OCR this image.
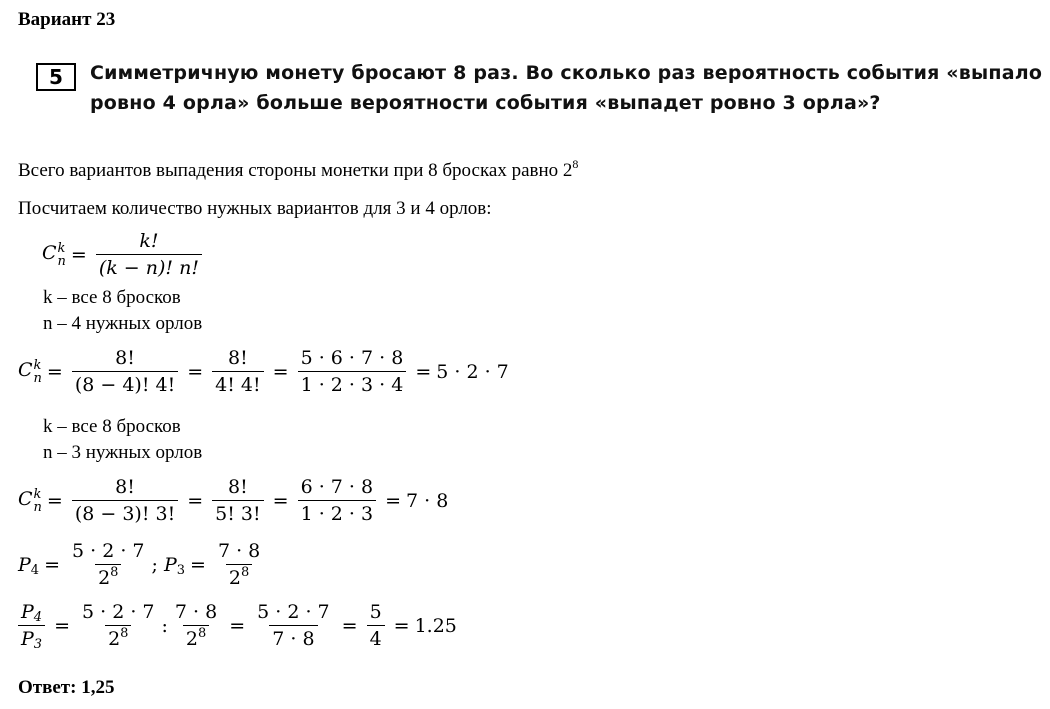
Вариант 23
5	Симметричную монету бросают 8 раз. Во сколько раз вероятность события «выпало
ровно 4 орла» больше вероятности события «выпадет ровно 3 орла»?
Всего вариантов выпадения стороны монетки при 8 бросках равно $2^8$
Посчитаем количество нужных вариантов для 3 и 4 орлов:
C k
$n = \frac{k!}{(k - n)! n!}$
k – все 8 бросков
n – 4 нужных орлов
C k
$n = \frac{8!}{(8 - 4)! 4!} = \frac{8!}{4! 4!} = \frac{5 \cdot 6 \cdot 7 \cdot 8}{1 \cdot 2 \cdot 3 \cdot 4} = 5 \cdot 2 \cdot 7$
k – все 8 бросков
n – 3 нужных орлов
C k
$n = \frac{8!}{(8 - 3)! 3!} = \frac{8!}{5! 3!} = \frac{6 \cdot 7 \cdot 8}{1 \cdot 2 \cdot 3} = 7 \cdot 8$
P $4 = \frac{5 \cdot 2 \cdot 7}{2^8}$ ;
P $3 = \frac{7 \cdot 8}{2^8}$
$\frac{P4}{P3} = \frac{5 \cdot 2 \cdot 7}{2^8}$ : $\frac{7 \cdot 8}{2^8} = \frac{5 \cdot 2 \cdot 7}{7 \cdot 8} = \frac{5}{4} = 1.25$
Ответ: 1,25
